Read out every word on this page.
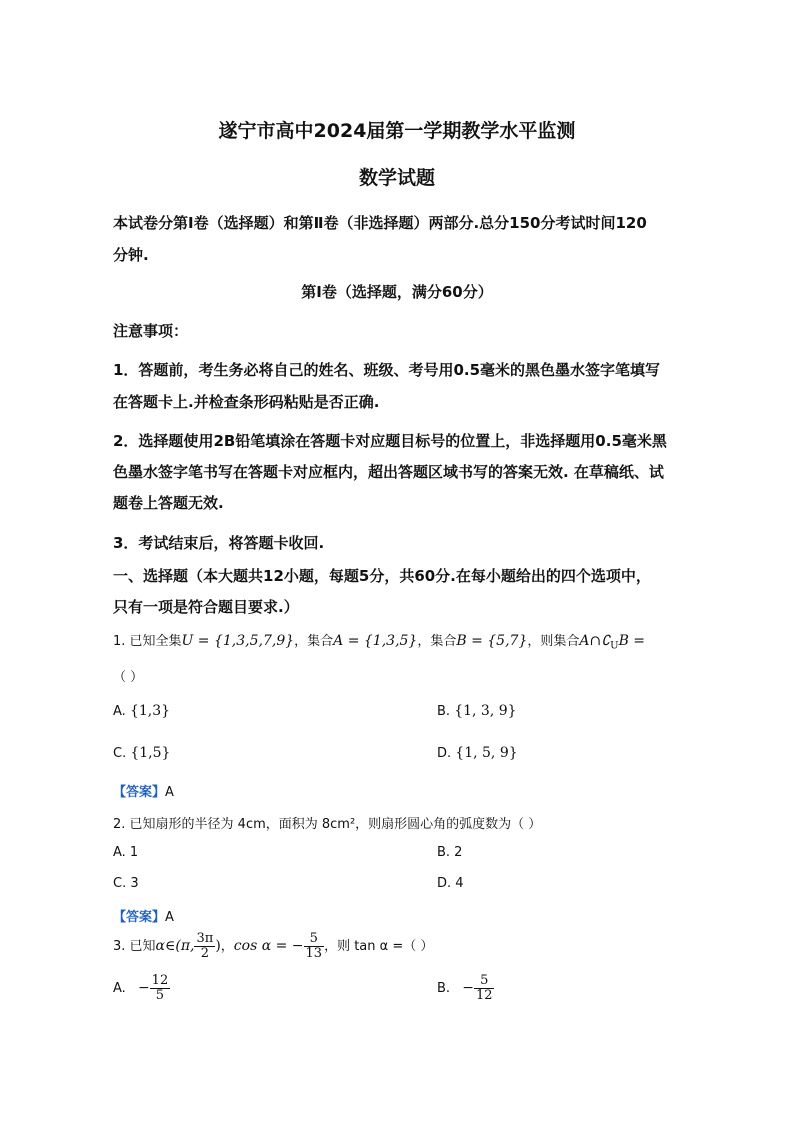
遂宁市高中2024届第一学期教学水平监测
数学试题
本试卷分第Ⅰ卷（选择题）和第Ⅱ卷（非选择题）两部分.总分150分考试时间120
分钟.
第Ⅰ卷（选择题，满分60分）
注意事项：
1．答题前，考生务必将自己的姓名、班级、考号用0.5毫米的黑色墨水签字笔填写
在答题卡上.并检查条形码粘贴是否正确.
2．选择题使用2B铅笔填涂在答题卡对应题目标号的位置上，非选择题用0.5毫米黑
色墨水签字笔书写在答题卡对应框内，超出答题区域书写的答案无效. 在草稿纸、试
题卷上答题无效.
3．考试结束后，将答题卡收回.
一、选择题（本大题共12小题，每题5分，共60分.在每小题给出的四个选项中，
只有一项是符合题目要求.）
1. 已知全集U = {1,3,5,7,9}，集合A = {1,3,5}，集合B = {5,7}，则集合$A\cap∁_UB$ =
（ ）
A. {1,3}	B. {1, 3, 9}
C. {1,5}	D. {1, 5, 9}
【答案】A
2. 已知扇形的半径为 4cm，面积为 8cm²，则扇形圆心角的弧度数为（ ）
A. 1	B. 2
C. 3	D. 4
【答案】A
3. 已知α∈(π, $\frac{3\pi}{2}$ )，cos α = − $\frac{5}{13}$ ，则 tan α =（ ）
A. − $\frac{12}{5}$	B. − $\frac{5}{12}$
